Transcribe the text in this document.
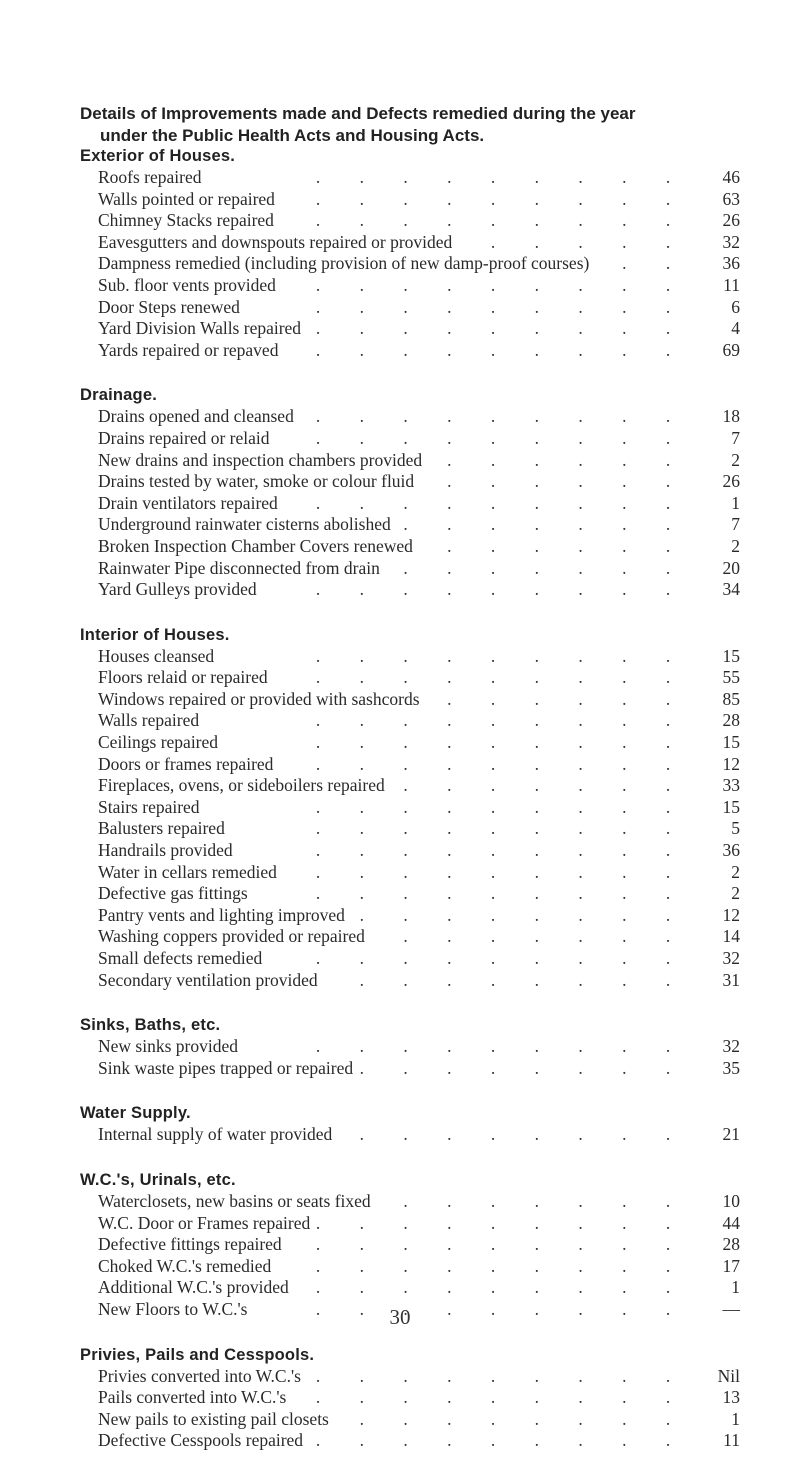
Details of Improvements made and Defects remedied during the year
under the Public Health Acts and Housing Acts.
Exterior of Houses.
Roofs repaired .	46
Walls pointed or repaired .	63
Chimney Stacks repaired .	26
Eavesgutters and downspouts repaired or provided .	32
Dampness remedied (including provision of new damp-proof courses) .	36
Sub. floor vents provided .	11
Door Steps renewed .	6
Yard Division Walls repaired .	4
Yards repaired or repaved .	69
Drainage.
Drains opened and cleansed .	18
Drains repaired or relaid .	7
New drains and inspection chambers provided .	2
Drains tested by water, smoke or colour fluid .	26
Drain ventilators repaired .	1
Underground rainwater cisterns abolished .	7
Broken Inspection Chamber Covers renewed .	2
Rainwater Pipe disconnected from drain .	20
Yard Gulleys provided .	34
Interior of Houses.
Houses cleansed .	15
Floors relaid or repaired .	55
Windows repaired or provided with sashcords .	85
Walls repaired .	28
Ceilings repaired .	15
Doors or frames repaired .	12
Fireplaces, ovens, or sideboilers repaired .	33
Stairs repaired .	15
Balusters repaired .	5
Handrails provided .	36
Water in cellars remedied .	2
Defective gas fittings .	2
Pantry vents and lighting improved .	12
Washing coppers provided or repaired .	14
Small defects remedied .	32
Secondary ventilation provided .	31
Sinks, Baths, etc.
New sinks provided .	32
Sink waste pipes trapped or repaired .	35
Water Supply.
Internal supply of water provided .	21
W.C.'s, Urinals, etc.
Waterclosets, new basins or seats fixed .	10
W.C. Door or Frames repaired .	44
Defective fittings repaired .	28
Choked W.C.'s remedied .	17
Additional W.C.'s provided .	1
New Floors to W.C.'s .	—
Privies, Pails and Cesspools.
Privies converted into W.C.'s .	Nil
Pails converted into W.C.'s .	13
New pails to existing pail closets .	1
Defective Cesspools repaired .	11
30
